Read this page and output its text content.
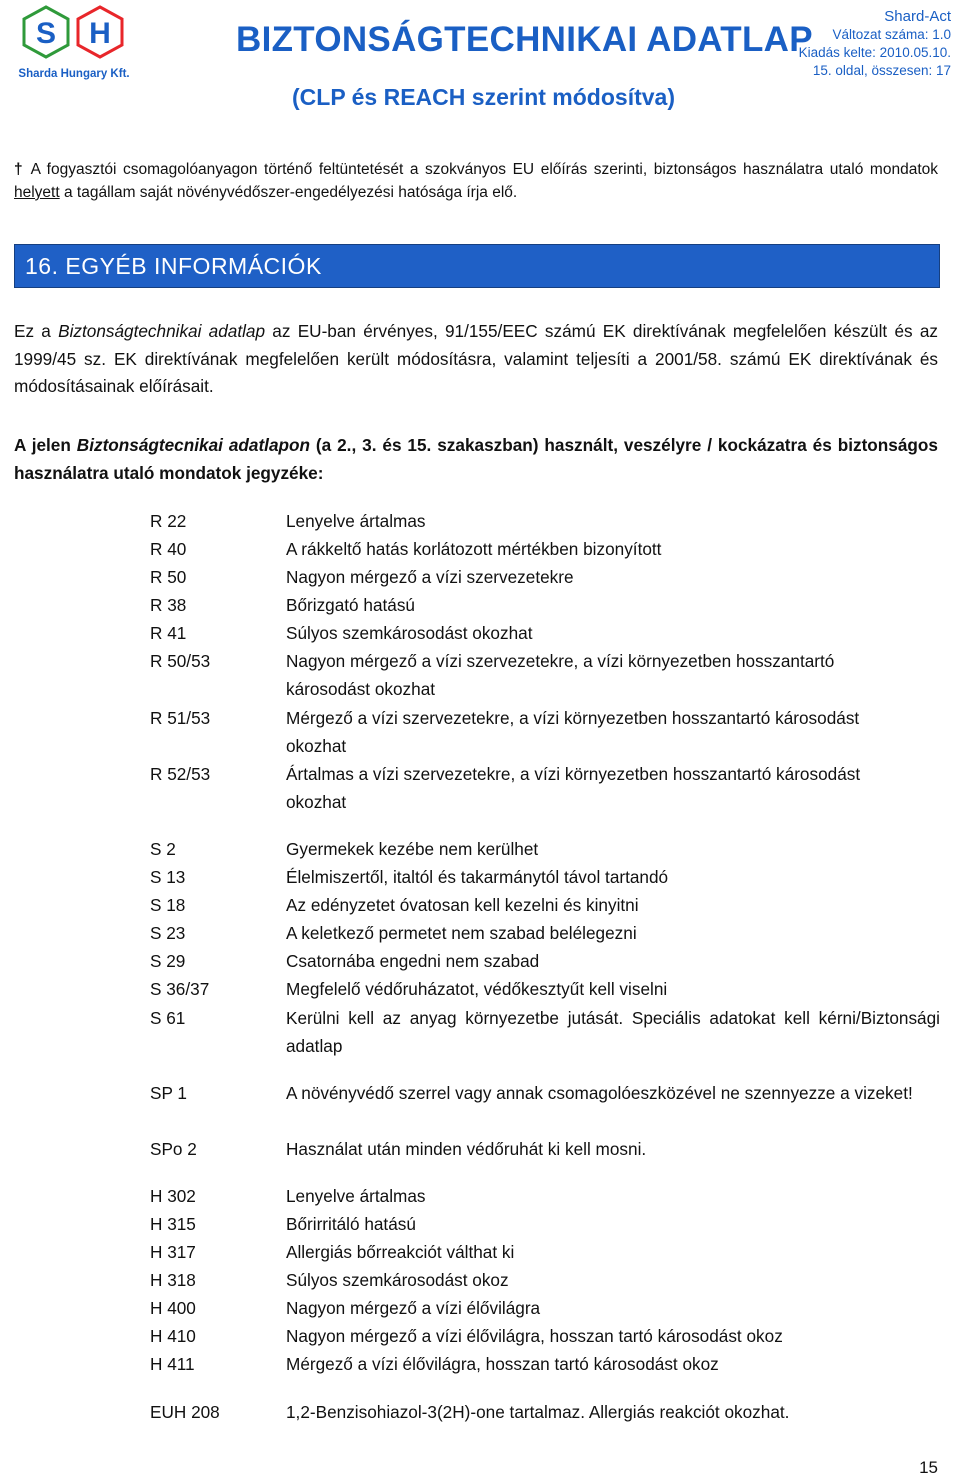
S H
Sharda Hungary Kft.
BIZTONSÁGTECHNIKAI ADATLAP
(CLP és REACH szerint módosítva)
Shard-Act
Változat száma: 1.0
Kiadás kelte: 2010.05.10.
15. oldal, összesen: 17
† A fogyasztói csomagolóanyagon történő feltüntetését a szokványos EU előírás szerinti, biztonságos használatra utaló mondatok helyett a tagállam saját növényvédőszer-engedélyezési hatósága írja elő.
16. EGYÉB INFORMÁCIÓK
Ez a Biztonságtechnikai adatlap az EU-ban érvényes, 91/155/EEC számú EK direktívának megfelelően készült és az 1999/45 sz. EK direktívának megfelelően került módosításra, valamint teljesíti a 2001/58. számú EK direktívának és módosításainak előírásait.
A jelen Biztonságtecnikai adatlapon (a 2., 3. és 15. szakaszban) használt, veszélyre / kockázatra és biztonságos használatra utaló mondatok jegyzéke:
R 22	Lenyelve ártalmas
R 40	A rákkeltő hatás korlátozott mértékben bizonyított
R 50	Nagyon mérgező a vízi szervezetekre
R 38	Bőrizgató hatású
R 41	Súlyos szemkárosodást okozhat
R 50/53	Nagyon mérgező a vízi szervezetekre, a vízi környezetben hosszantartó károsodást okozhat
R 51/53	Mérgező a vízi szervezetekre, a vízi környezetben hosszantartó károsodást okozhat
R 52/53	Ártalmas a vízi szervezetekre, a vízi környezetben hosszantartó károsodást okozhat
S 2	Gyermekek kezébe nem kerülhet
S 13	Élelmiszertől, italtól és takarmánytól távol tartandó
S 18	Az edényzetet óvatosan kell kezelni és kinyitni
S 23	A keletkező permetet nem szabad belélegezni
S 29	Csatornába engedni nem szabad
S 36/37	Megfelelő védőruházatot, védőkesztyűt kell viselni
S 61	Kerülni kell az anyag környezetbe jutását. Speciális adatokat kell kérni/Biztonsági adatlap
SP 1	A növényvédő szerrel vagy annak csomagolóeszközével ne szennyezze a vizeket!
SPo 2	Használat után minden védőruhát ki kell mosni.
H 302	Lenyelve ártalmas
H 315	Bőrirritáló hatású
H 317	Allergiás bőrreakciót válthat ki
H 318	Súlyos szemkárosodást okoz
H 400	Nagyon mérgező a vízi élővilágra
H 410	Nagyon mérgező a vízi élővilágra, hosszan tartó károsodást okoz
H 411	Mérgező a vízi élővilágra, hosszan tartó károsodást okoz
EUH 208	1,2-Benzisohiazol-3(2H)-one tartalmaz. Allergiás reakciót okozhat.
15
